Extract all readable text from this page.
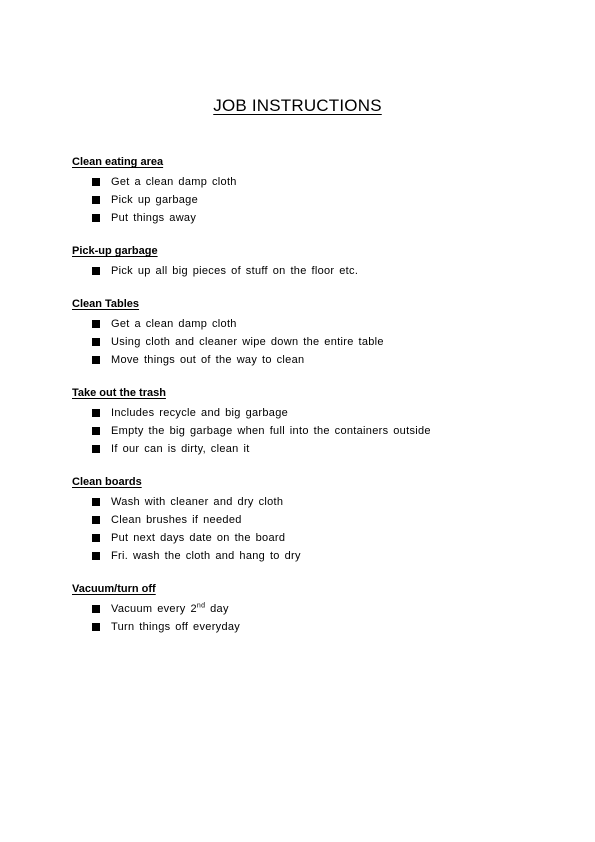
JOB INSTRUCTIONS
Clean eating area
Get a clean damp cloth
Pick up garbage
Put things away
Pick-up garbage
Pick up all big pieces of stuff on the floor etc.
Clean Tables
Get a clean damp cloth
Using cloth and cleaner wipe down the entire table
Move things out of the way to clean
Take out the trash
Includes recycle and big garbage
Empty the big garbage when full into the containers outside
If our can is dirty, clean it
Clean boards
Wash with cleaner and dry cloth
Clean brushes if needed
Put next days date on the board
Fri. wash the cloth and hang to dry
Vacuum/turn off
Vacuum every 2nd day
Turn things off everyday
